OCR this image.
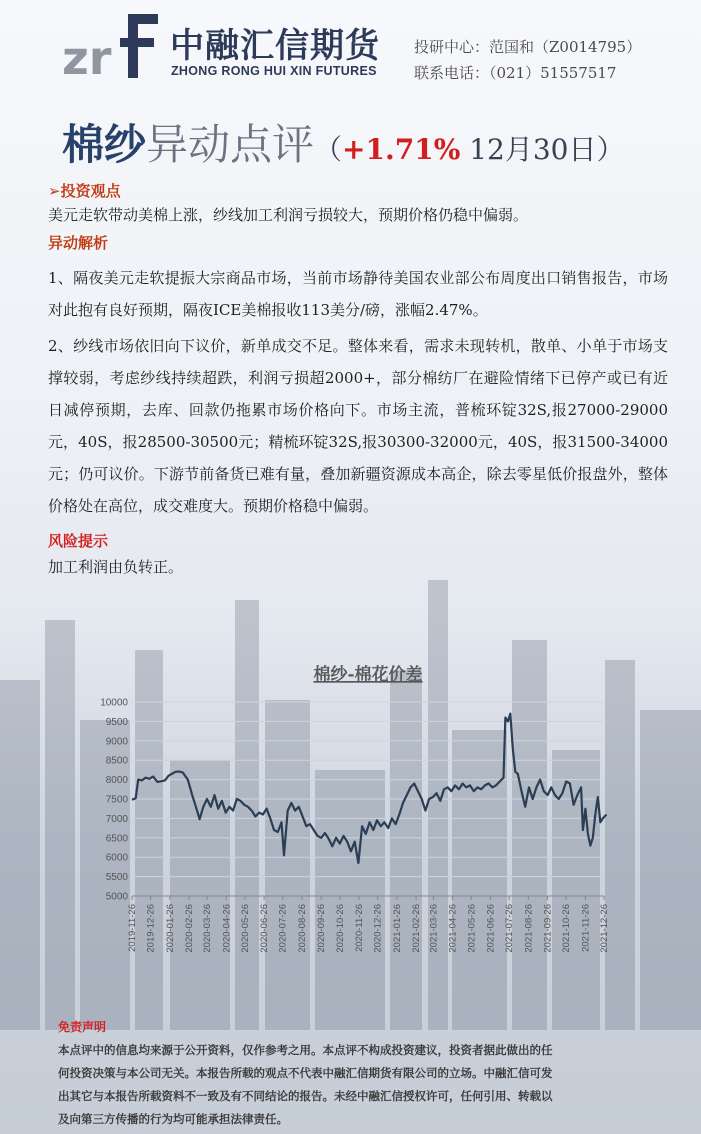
zr 中融汇信期货
ZHONG RONG HUI XIN FUTURES
投研中心：范国和（Z0014795）
联系电话：（021）51557517
棉纱异动点评（+1.71% 12月30日）
➢投资观点
美元走软带动美棉上涨，纱线加工利润亏损较大，预期价格仍稳中偏弱。
异动解析
1、隔夜美元走软提振大宗商品市场，当前市场静待美国农业部公布周度出口销售报告，市场对此抱有良好预期，隔夜ICE美棉报收113美分/磅，涨幅2.47%。
2、纱线市场依旧向下议价，新单成交不足。整体来看，需求未现转机，散单、小单于市场支撑较弱，考虑纱线持续超跌，利润亏损超2000+，部分棉纺厂在避险情绪下已停产或已有近日减停预期，去库、回款仍拖累市场价格向下。市场主流，普梳环锭32S,报27000-29000元，40S，报28500-30500元；精梳环锭32S,报30300-32000元，40S，报31500-34000元；仍可议价。下游节前备货已难有量，叠加新疆资源成本高企，除去零星低价报盘外，整体价格处在高位，成交难度大。预期价格稳中偏弱。
风险提示
加工利润由负转正。
棉纱-棉花价差
5000
5500
6000
6500
7000
7500
8000
8500
9000
9500
10000
2019-11-26 2019-12-26 2020-01-26 2020-02-26 2020-03-26 2020-04-26 2020-05-26 2020-06-26 2020-07-26 2020-08-26 2020-09-26 2020-10-26 2020-11-26 2020-12-26 2021-01-26 2021-02-26 2021-03-26 2021-04-26 2021-05-26 2021-06-26 2021-07-26 2021-08-26 2021-09-26 2021-10-26 2021-11-26 2021-12-26
免责声明
本点评中的信息均来源于公开资料，仅作参考之用。本点评不构成投资建议，投资者据此做出的任
何投资决策与本公司无关。本报告所载的观点不代表中融汇信期货有限公司的立场。中融汇信可发
出其它与本报告所载资料不一致及有不同结论的报告。未经中融汇信授权许可，任何引用、转载以
及向第三方传播的行为均可能承担法律责任。
